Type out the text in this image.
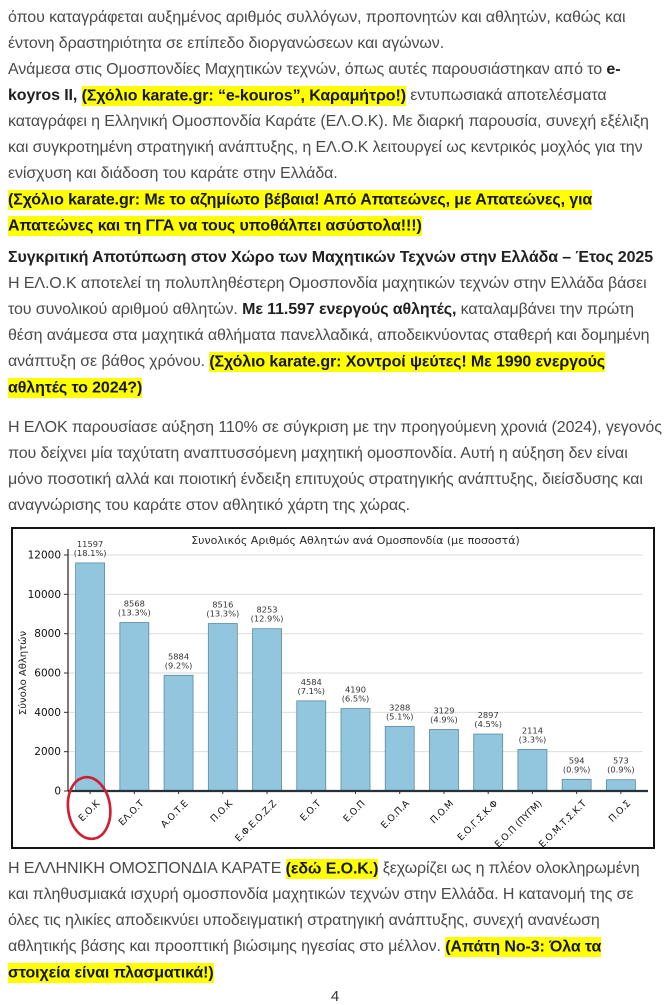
όπου καταγράφεται αυξημένος αριθμός συλλόγων, προπονητών και αθλητών, καθώς και έντονη δραστηριότητα σε επίπεδο διοργανώσεων και αγώνων.

Ανάμεσα στις Ομοσπονδίες Μαχητικών τεχνών, όπως αυτές παρουσιάστηκαν από το e-koyros II, (Σχόλιο karate.gr: “e-kouros”, Καραμήτρο!) εντυπωσιακά αποτελέσματα καταγράφει η Ελληνική Ομοσπονδία Καράτε (ΕΛ.Ο.Κ). Με διαρκή παρουσία, συνεχή εξέλιξη και συγκροτημένη στρατηγική ανάπτυξης, η ΕΛ.Ο.Κ λειτουργεί ως κεντρικός μοχλός για την ενίσχυση και διάδοση του καράτε στην Ελλάδα.

(Σχόλιο karate.gr: Με το αζημίωτο βέβαια! Από Απατεώνες, με Απατεώνες, για Απατεώνες και τη ΓΓΑ να τους υποθάλπει ασύστολα!!!)

Συγκριτική Αποτύπωση στον Χώρο των Μαχητικών Τεχνών στην Ελλάδα – Έτος 2025

Η ΕΛ.Ο.Κ αποτελεί τη πολυπληθέστερη Ομοσπονδία μαχητικών τεχνών στην Ελλάδα βάσει του συνολικού αριθμού αθλητών. Με 11.597 ενεργούς αθλητές, καταλαμβάνει την πρώτη θέση ανάμεσα στα μαχητικά αθλήματα πανελλαδικά, αποδεικνύοντας σταθερή και δομημένη ανάπτυξη σε βάθος χρόνου. (Σχόλιο karate.gr: Χοντροί ψεύτες! Με 1990 ενεργούς αθλητές το 2024?)

Η ΕΛΟΚ παρουσίασε αύξηση 110% σε σύγκριση με την προηγούμενη χρονιά (2024), γεγονός που δείχνει μία ταχύτατη αναπτυσσόμενη μαχητική ομοσπονδία. Αυτή η αύξηση δεν είναι μόνο ποσοτική αλλά και ποιοτική ένδειξη επιτυχούς στρατηγικής ανάπτυξης, διείσδυσης και αναγνώρισης του καράτε στον αθλητικό χάρτη της χώρας.

Συνολικός Αριθμός Αθλητών ανά Ομοσπονδία (με ποσοστά)
0
2000
4000
6000
8000
10000
12000
Σύνολο Αθλητών
11597
(18.1%)
Ε.Ο.Κ
8568
(13.3%)
ΕΛ.Ο.Τ
5884
(9.2%)
Α.Ο.Τ.Ε
8516
(13.3%)
Π.Ο.Κ
8253
(12.9%)
Ε.Φ.Ε.Ο.Ζ.Ζ
4584
(7.1%)
Ε.Ο.Τ
4190
(6.5%)
Ε.Ο.Π
3288
(5.1%)
Ε.Ο.Π.Α
3129
(4.9%)
Π.Ο.Μ
2897
(4.5%)
Ε.Ο.Γ.Σ.Κ.Φ
2114
(3.3%)
Ε.Ο.Π (ΠΥΓΜ)
594
(0.9%)
Ε.Ο.Μ.Τ.Σ.Κ.Τ
573
(0.9%)
Π.Ο.Σ

Η ΕΛΛΗΝΙΚΗ ΟΜΟΣΠΟΝΔΙΑ ΚΑΡΑΤΕ (εδώ Ε.Ο.Κ.) ξεχωρίζει ως η πλέον ολοκληρωμένη και πληθυσμιακά ισχυρή ομοσπονδία μαχητικών τεχνών στην Ελλάδα. Η κατανομή της σε όλες τις ηλικίες αποδεικνύει υποδειγματική στρατηγική ανάπτυξης, συνεχή ανανέωση αθλητικής βάσης και προοπτική βιώσιμης ηγεσίας στο μέλλον. (Απάτη No-3: Όλα τα στοιχεία είναι πλασματικά!)

4
